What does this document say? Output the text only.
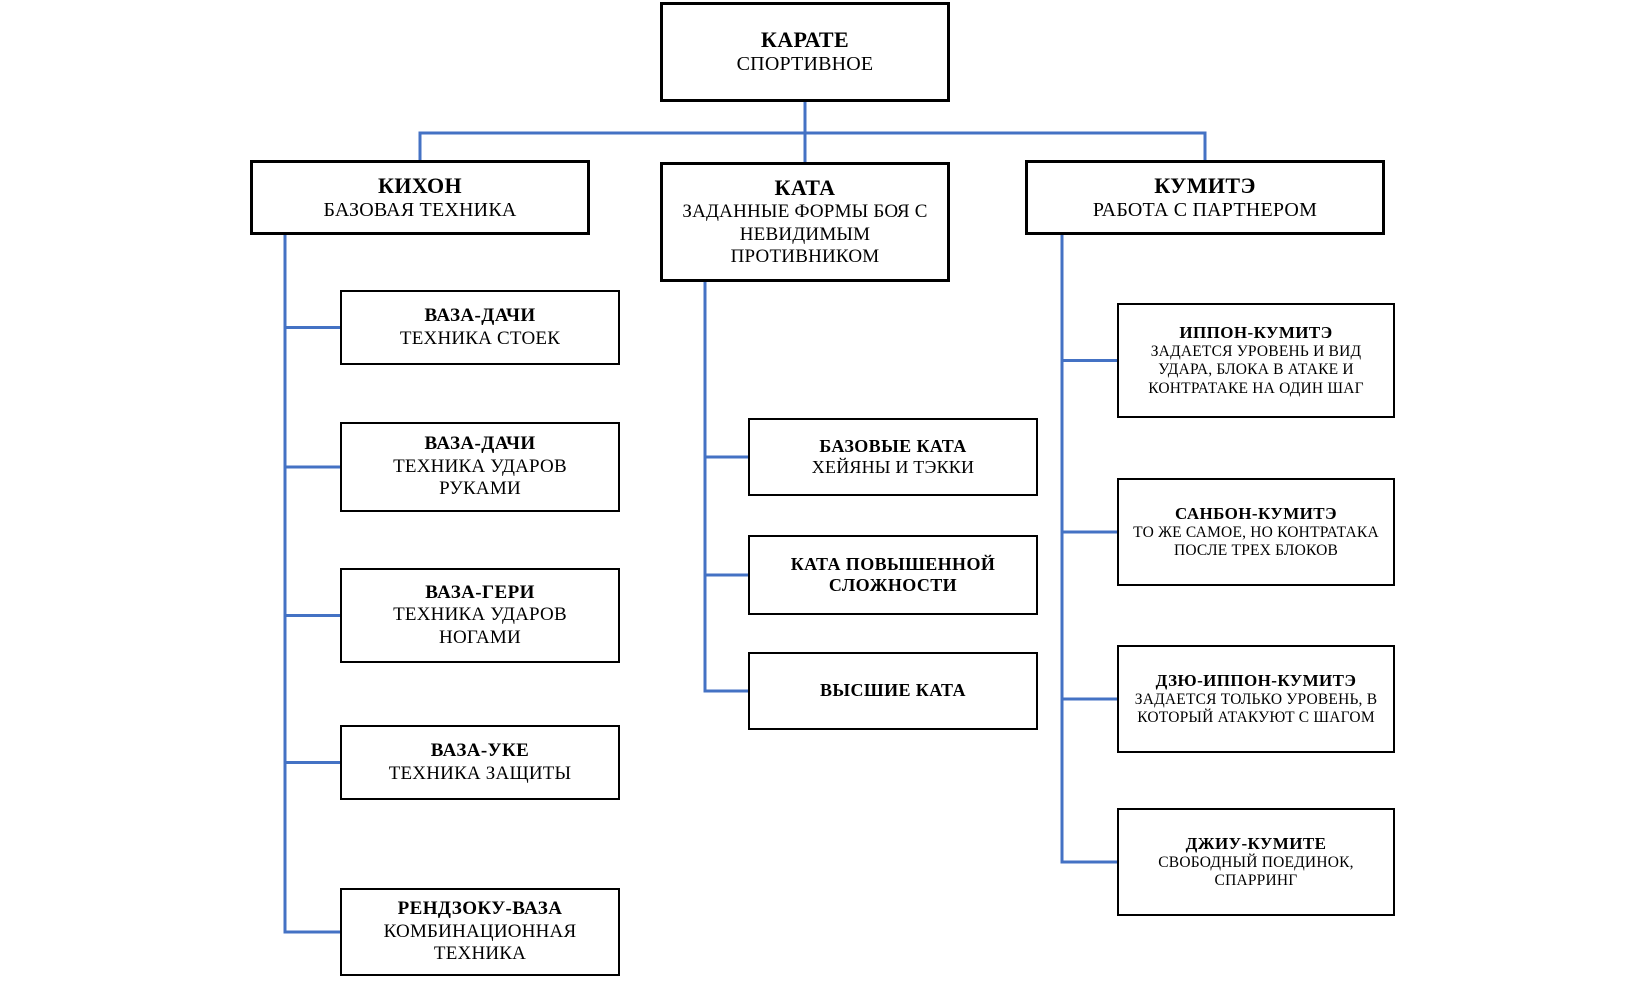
КАРАТЕ
СПОРТИВНОЕ
КИХОН
БАЗОВАЯ ТЕХНИКА
КАТА
ЗАДАННЫЕ ФОРМЫ БОЯ С НЕВИДИМЫМ ПРОТИВНИКОМ
КУМИТЭ
РАБОТА С ПАРТНЕРОМ
ВАЗА-ДАЧИ
ТЕХНИКА СТОЕК
ВАЗА-ДАЧИ
ТЕХНИКА УДАРОВ РУКАМИ
ВАЗА-ГЕРИ
ТЕХНИКА УДАРОВ НОГАМИ
ВАЗА-УКЕ
ТЕХНИКА ЗАЩИТЫ
РЕНДЗОКУ-ВАЗА
КОМБИНАЦИОННАЯ ТЕХНИКА
БАЗОВЫЕ КАТА
ХЕЙЯНЫ И ТЭККИ
КАТА ПОВЫШЕННОЙ СЛОЖНОСТИ
ВЫСШИЕ КАТА
ИППОН-КУМИТЭ
ЗАДАЕТСЯ УРОВЕНЬ И ВИД УДАРА, БЛОКА В АТАКЕ И КОНТРАТАКЕ НА ОДИН ШАГ
САНБОН-КУМИТЭ
ТО ЖЕ САМОЕ, НО КОНТРАТАКА ПОСЛЕ ТРЕХ БЛОКОВ
ДЗЮ-ИППОН-КУМИТЭ
ЗАДАЕТСЯ ТОЛЬКО УРОВЕНЬ, В КОТОРЫЙ АТАКУЮТ С ШАГОМ
ДЖИУ-КУМИТЕ
СВОБОДНЫЙ ПОЕДИНОК, СПАРРИНГ
